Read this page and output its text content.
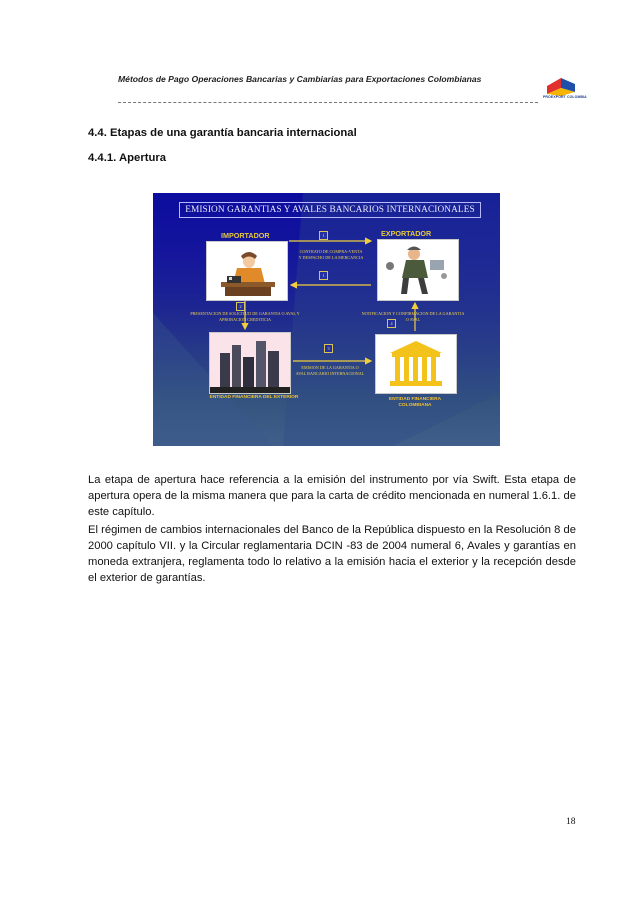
Métodos de Pago Operaciones Bancarias y Cambiarias para Exportaciones Colombianas
PROEXPORT COLOMBIA
4.4. Etapas de una garantía bancaria internacional
4.4.1. Apertura
EMISION GARANTIAS Y AVALES BANCARIOS INTERNACIONALES
IMPORTADOR	EXPORTADOR
ENTIDAD FINANCIERA DEL EXTERIOR	ENTIDAD FINANCIERA
COLOMBIANA
1
CONTRATO DE COMPRA-VENTA
Y DESPACHO DE LA MERCANCIA
1
2
PRESENTACION DE SOLICITUD DE GARANTIA O AVAL Y
APROBACION CREDITICIA
3
EMISION DE LA GARANTIA O
AVAL BANCARIO INTERNACIONAL
4
NOTIFICACION Y CONFIRMACION DE LA GARANTIA
O AVAL
La etapa de apertura hace referencia a la emisión del instrumento por vía Swift. Esta etapa de apertura opera de la misma manera que para la carta de crédito mencionada en numeral 1.6.1. de este capítulo.
El régimen de cambios internacionales del Banco de la República dispuesto en la Resolución 8 de 2000 capítulo VII. y la Circular reglamentaria DCIN -83 de 2004 numeral 6, Avales y garantías en moneda extranjera, reglamenta todo lo relativo a la emisión hacia el exterior y la recepción desde el exterior de garantías.
18
